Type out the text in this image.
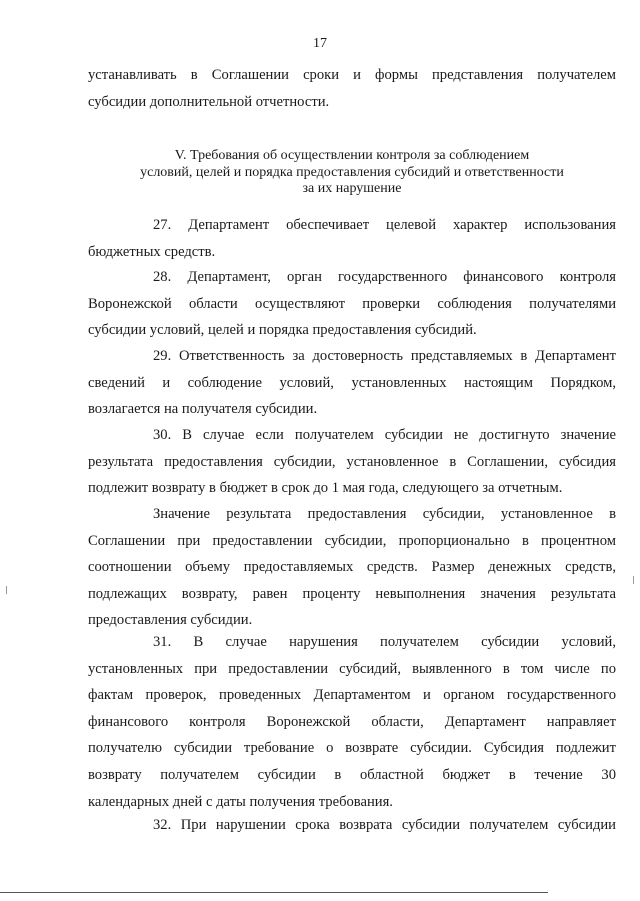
17
устанавливать в Соглашении сроки и формы представления получателем
субсидии дополнительной отчетности.
V. Требования об осуществлении контроля за соблюдением
условий, целей и порядка предоставления субсидий и ответственности
за их нарушение
27. Департамент обеспечивает целевой характер использования
бюджетных средств.
28. Департамент, орган государственного финансового контроля
Воронежской области осуществляют проверки соблюдения получателями
субсидии условий, целей и порядка предоставления субсидий.
29. Ответственность за достоверность представляемых в Департамент
сведений и соблюдение условий, установленных настоящим Порядком,
возлагается на получателя субсидии.
30. В случае если получателем субсидии не достигнуто значение
результата предоставления субсидии, установленное в Соглашении, субсидия
подлежит возврату в бюджет в срок до 1 мая года, следующего за отчетным.
Значение результата предоставления субсидии, установленное в
Соглашении при предоставлении субсидии, пропорционально в процентном
соотношении объему предоставляемых средств. Размер денежных средств,
подлежащих возврату, равен проценту невыполнения значения результата
предоставления субсидии.
31. В случае нарушения получателем субсидии условий,
установленных при предоставлении субсидий, выявленного в том числе по
фактам проверок, проведенных Департаментом и органом государственного
финансового контроля Воронежской области, Департамент направляет
получателю субсидии требование о возврате субсидии. Субсидия подлежит
возврату получателем субсидии в областной бюджет в течение 30
календарных дней с даты получения требования.
32. При нарушении срока возврата субсидии получателем субсидии
